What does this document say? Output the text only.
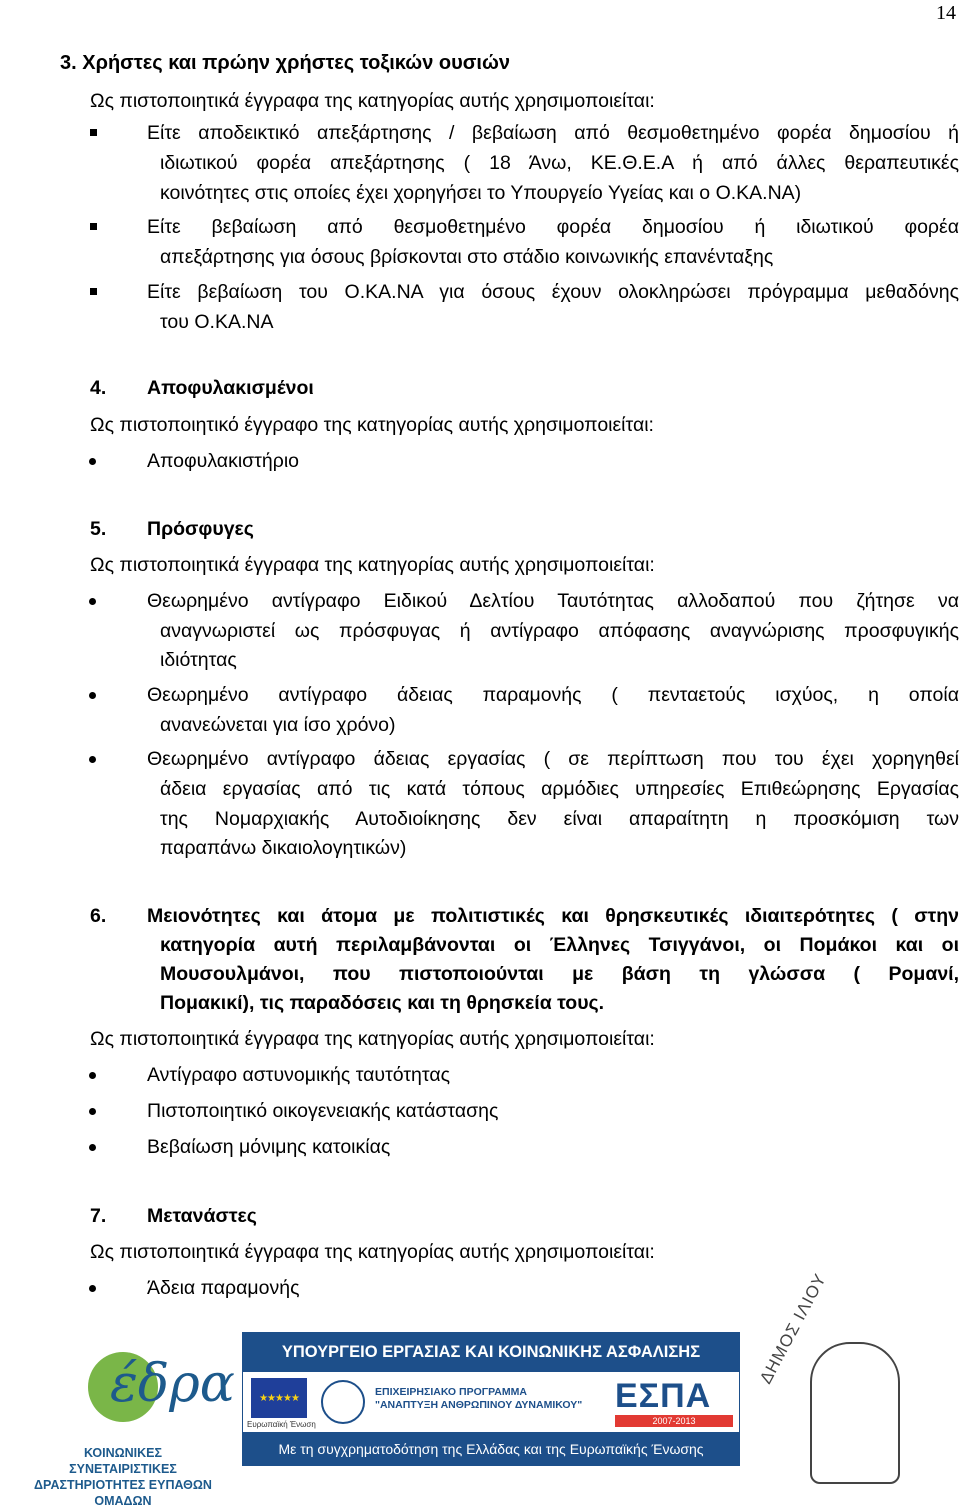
14
3. Χρήστες και πρώην χρήστες τοξικών ουσιών
Ως πιστοποιητικά έγγραφα της κατηγορίας αυτής χρησιμοποιείται:
Είτε αποδεικτικό απεξάρτησης / βεβαίωση από θεσμοθετημένο φορέα δημοσίου ή
ιδιωτικού φορέα απεξάρτησης ( 18 Άνω, ΚΕ.Θ.Ε.Α ή από άλλες θεραπευτικές
κοινότητες στις οποίες έχει χορηγήσει το Υπουργείο Υγείας και ο Ο.ΚΑ.ΝΑ)
Είτε βεβαίωση από θεσμοθετημένο φορέα δημοσίου ή ιδιωτικού φορέα
απεξάρτησης για όσους βρίσκονται στο στάδιο κοινωνικής επανένταξης
Είτε βεβαίωση του Ο.ΚΑ.ΝΑ για όσους έχουν ολοκληρώσει πρόγραμμα μεθαδόνης
του Ο.ΚΑ.ΝΑ
4. Αποφυλακισμένοι
Ως πιστοποιητικό έγγραφο της κατηγορίας αυτής χρησιμοποιείται:
Αποφυλακιστήριο
5. Πρόσφυγες
Ως πιστοποιητικά έγγραφα της κατηγορίας αυτής χρησιμοποιείται:
Θεωρημένο αντίγραφο Ειδικού Δελτίου Ταυτότητας αλλοδαπού που ζήτησε να
αναγνωριστεί ως πρόσφυγας ή αντίγραφο απόφασης αναγνώρισης προσφυγικής
ιδιότητας
Θεωρημένο αντίγραφο άδειας παραμονής ( πενταετούς ισχύος, η οποία
ανανεώνεται για ίσο χρόνο)
Θεωρημένο αντίγραφο άδειας εργασίας ( σε περίπτωση που του έχει χορηγηθεί
άδεια εργασίας από τις κατά τόπους αρμόδιες υπηρεσίες Επιθεώρησης Εργασίας
της Νομαρχιακής Αυτοδιοίκησης δεν είναι απαραίτητη η προσκόμιση των
παραπάνω δικαιολογητικών)
6. Μειονότητες και άτομα με πολιτιστικές και θρησκευτικές ιδιαιτερότητες ( στην
κατηγορία αυτή περιλαμβάνονται οι Έλληνες Τσιγγάνοι, οι Πομάκοι και οι
Μουσουλμάνοι, που πιστοποιούνται με βάση τη γλώσσα ( Ρομανί,
Πομακικί), τις παραδόσεις και τη θρησκεία τους.
Ως πιστοποιητικά έγγραφα της κατηγορίας αυτής χρησιμοποιείται:
Αντίγραφο αστυνομικής ταυτότητας
Πιστοποιητικό οικογενειακής κατάστασης
Βεβαίωση μόνιμης κατοικίας
7. Μετανάστες
Ως πιστοποιητικά έγγραφα της κατηγορίας αυτής χρησιμοποιείται:
Άδεια παραμονής
έδρα
ΚΟΙΝΩΝΙΚΕΣ ΣΥΝΕΤΑΙΡΙΣΤΙΚΕΣ
ΔΡΑΣΤΗΡΙΟΤΗΤΕΣ ΕΥΠΑΘΩΝ ΟΜΑΔΩΝ
ΥΠΟΥΡΓΕΙΟ ΕΡΓΑΣΙΑΣ ΚΑΙ ΚΟΙΝΩΝΙΚΗΣ ΑΣΦΑΛΙΣΗΣ
★★★★★
Ευρωπαϊκή Ένωση
ΕΠΙΧΕΙΡΗΣΙΑΚΟ ΠΡΟΓΡΑΜΜΑ
"ΑΝΑΠΤΥΞΗ ΑΝΘΡΩΠΙΝΟΥ ΔΥΝΑΜΙΚΟΥ" ΕΣΠΑ
2007-2013
Με τη συγχρηματοδότηση της Ελλάδας και της Ευρωπαϊκής Ένωσης
ΔΗΜΟΣ ΙΛΙΟΥ
